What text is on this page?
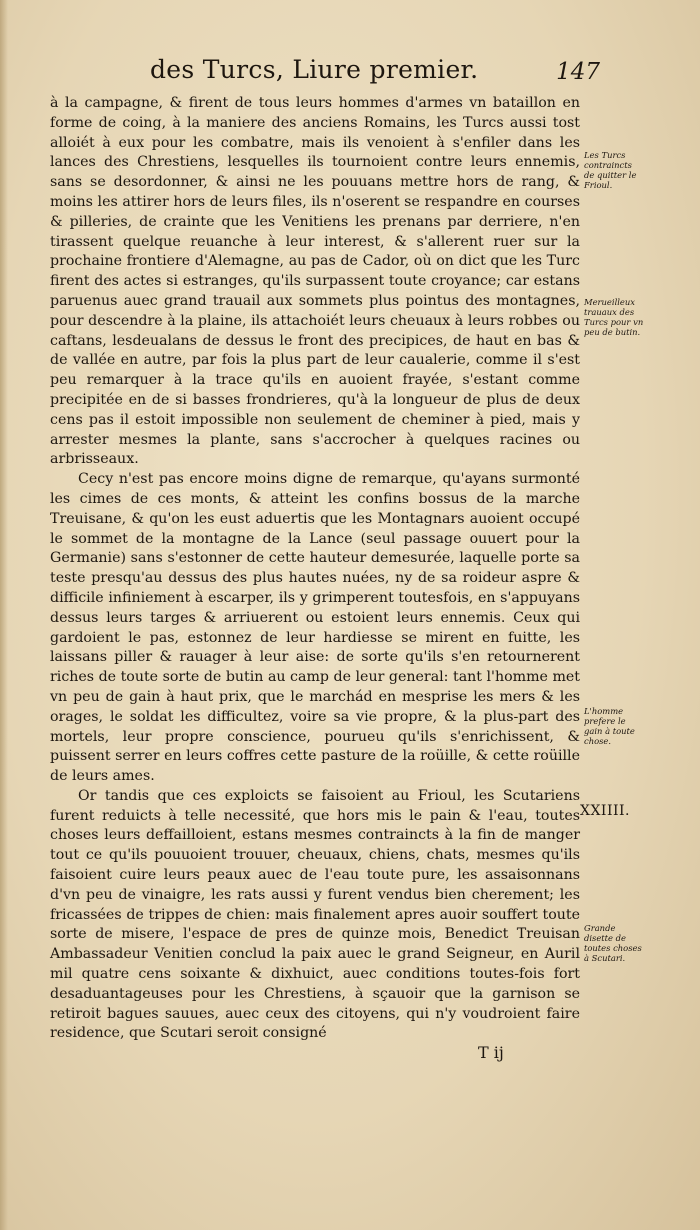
des Turcs, Liure premier.	147

à la campagne, & firent de tous leurs hommes d'armes vn bataillon en forme de coing, à la maniere des anciens Romains, les Turcs aussi tost alloiét à eux pour les combatre, mais ils venoient à s'enfiler dans les lances des Chrestiens, lesquelles ils tournoient contre leurs ennemis, sans se desordonner, & ainsi ne les pouuans mettre hors de rang, & moins les attirer hors de leurs files, ils n'oserent se respandre en courses & pilleries, de crainte que les Venitiens les prenans par derriere, n'en tirassent quelque reuanche à leur interest, & s'allerent ruer sur la prochaine frontiere d'Alemagne, au pas de Cador, où on dict que les Turc firent des actes si estranges, qu'ils surpassent toute croyance; car estans paruenus auec grand trauail aux sommets plus pointus des montagnes, pour descendre à la plaine, ils attachoiét leurs cheuaux à leurs robbes ou caftans, lesdeualans de dessus le front des precipices, de haut en bas & de vallée en autre, par fois la plus part de leur caualerie, comme il s'est peu remarquer à la trace qu'ils en auoient frayée, s'estant comme precipitée en de si basses frondrieres, qu'à la longueur de plus de deux cens pas il estoit impossible non seulement de cheminer à pied, mais y arrester mesmes la plante, sans s'accrocher à quelques racines ou arbrisseaux.

Cecy n'est pas encore moins digne de remarque, qu'ayans surmonté les cimes de ces monts, & atteint les confins bossus de la marche Treuisane, & qu'on les eust aduertis que les Montagnars auoient occupé le sommet de la montagne de la Lance (seul passage ouuert pour la Germanie) sans s'estonner de cette hauteur demesurée, laquelle porte sa teste presqu'au dessus des plus hautes nuées, ny de sa roideur aspre & difficile infiniement à escarper, ils y grimperent toutesfois, en s'appuyans dessus leurs targes & arriuerent ou estoient leurs ennemis. Ceux qui gardoient le pas, estonnez de leur hardiesse se mirent en fuitte, les laissans piller & rauager à leur aise: de sorte qu'ils s'en retournerent riches de toute sorte de butin au camp de leur general: tant l'homme met vn peu de gain à haut prix, que le marchád en mesprise les mers & les orages, le soldat les difficultez, voire sa vie propre, & la plus-part des mortels, leur propre conscience, pourueu qu'ils s'enrichissent, & puissent serrer en leurs coffres cette pasture de la roüille, & cette roüille de leurs ames.

Or tandis que ces exploicts se faisoient au Frioul, les Scutariens furent reduicts à telle necessité, que hors mis le pain & l'eau, toutes choses leurs deffailloient, estans mesmes contraincts à la fin de manger tout ce qu'ils pouuoient trouuer, cheuaux, chiens, chats, mesmes qu'ils faisoient cuire leurs peaux auec de l'eau toute pure, les assaisonnans d'vn peu de vinaigre, les rats aussi y furent vendus bien cherement; les fricassées de trippes de chien: mais finalement apres auoir souffert toute sorte de misere, l'espace de pres de quinze mois, Benedict Treuisan Ambassadeur Venitien conclud la paix auec le grand Seigneur, en Auril mil quatre cens soixante & dixhuict, auec conditions toutes-fois fort desaduantageuses pour les Chrestiens, à sçauoir que la garnison se retiroit bagues sauues, auec ceux des citoyens, qui n'y voudroient faire residence, que Scutari seroit consigné

Les Turcs contraincts de quitter le Frioul.
Merueilleux trauaux des Turcs pour vn peu de butin.
L'homme prefere le gain à toute chose.
Grande disette de toutes choses à Scutari.
XXIIII.
T ij
